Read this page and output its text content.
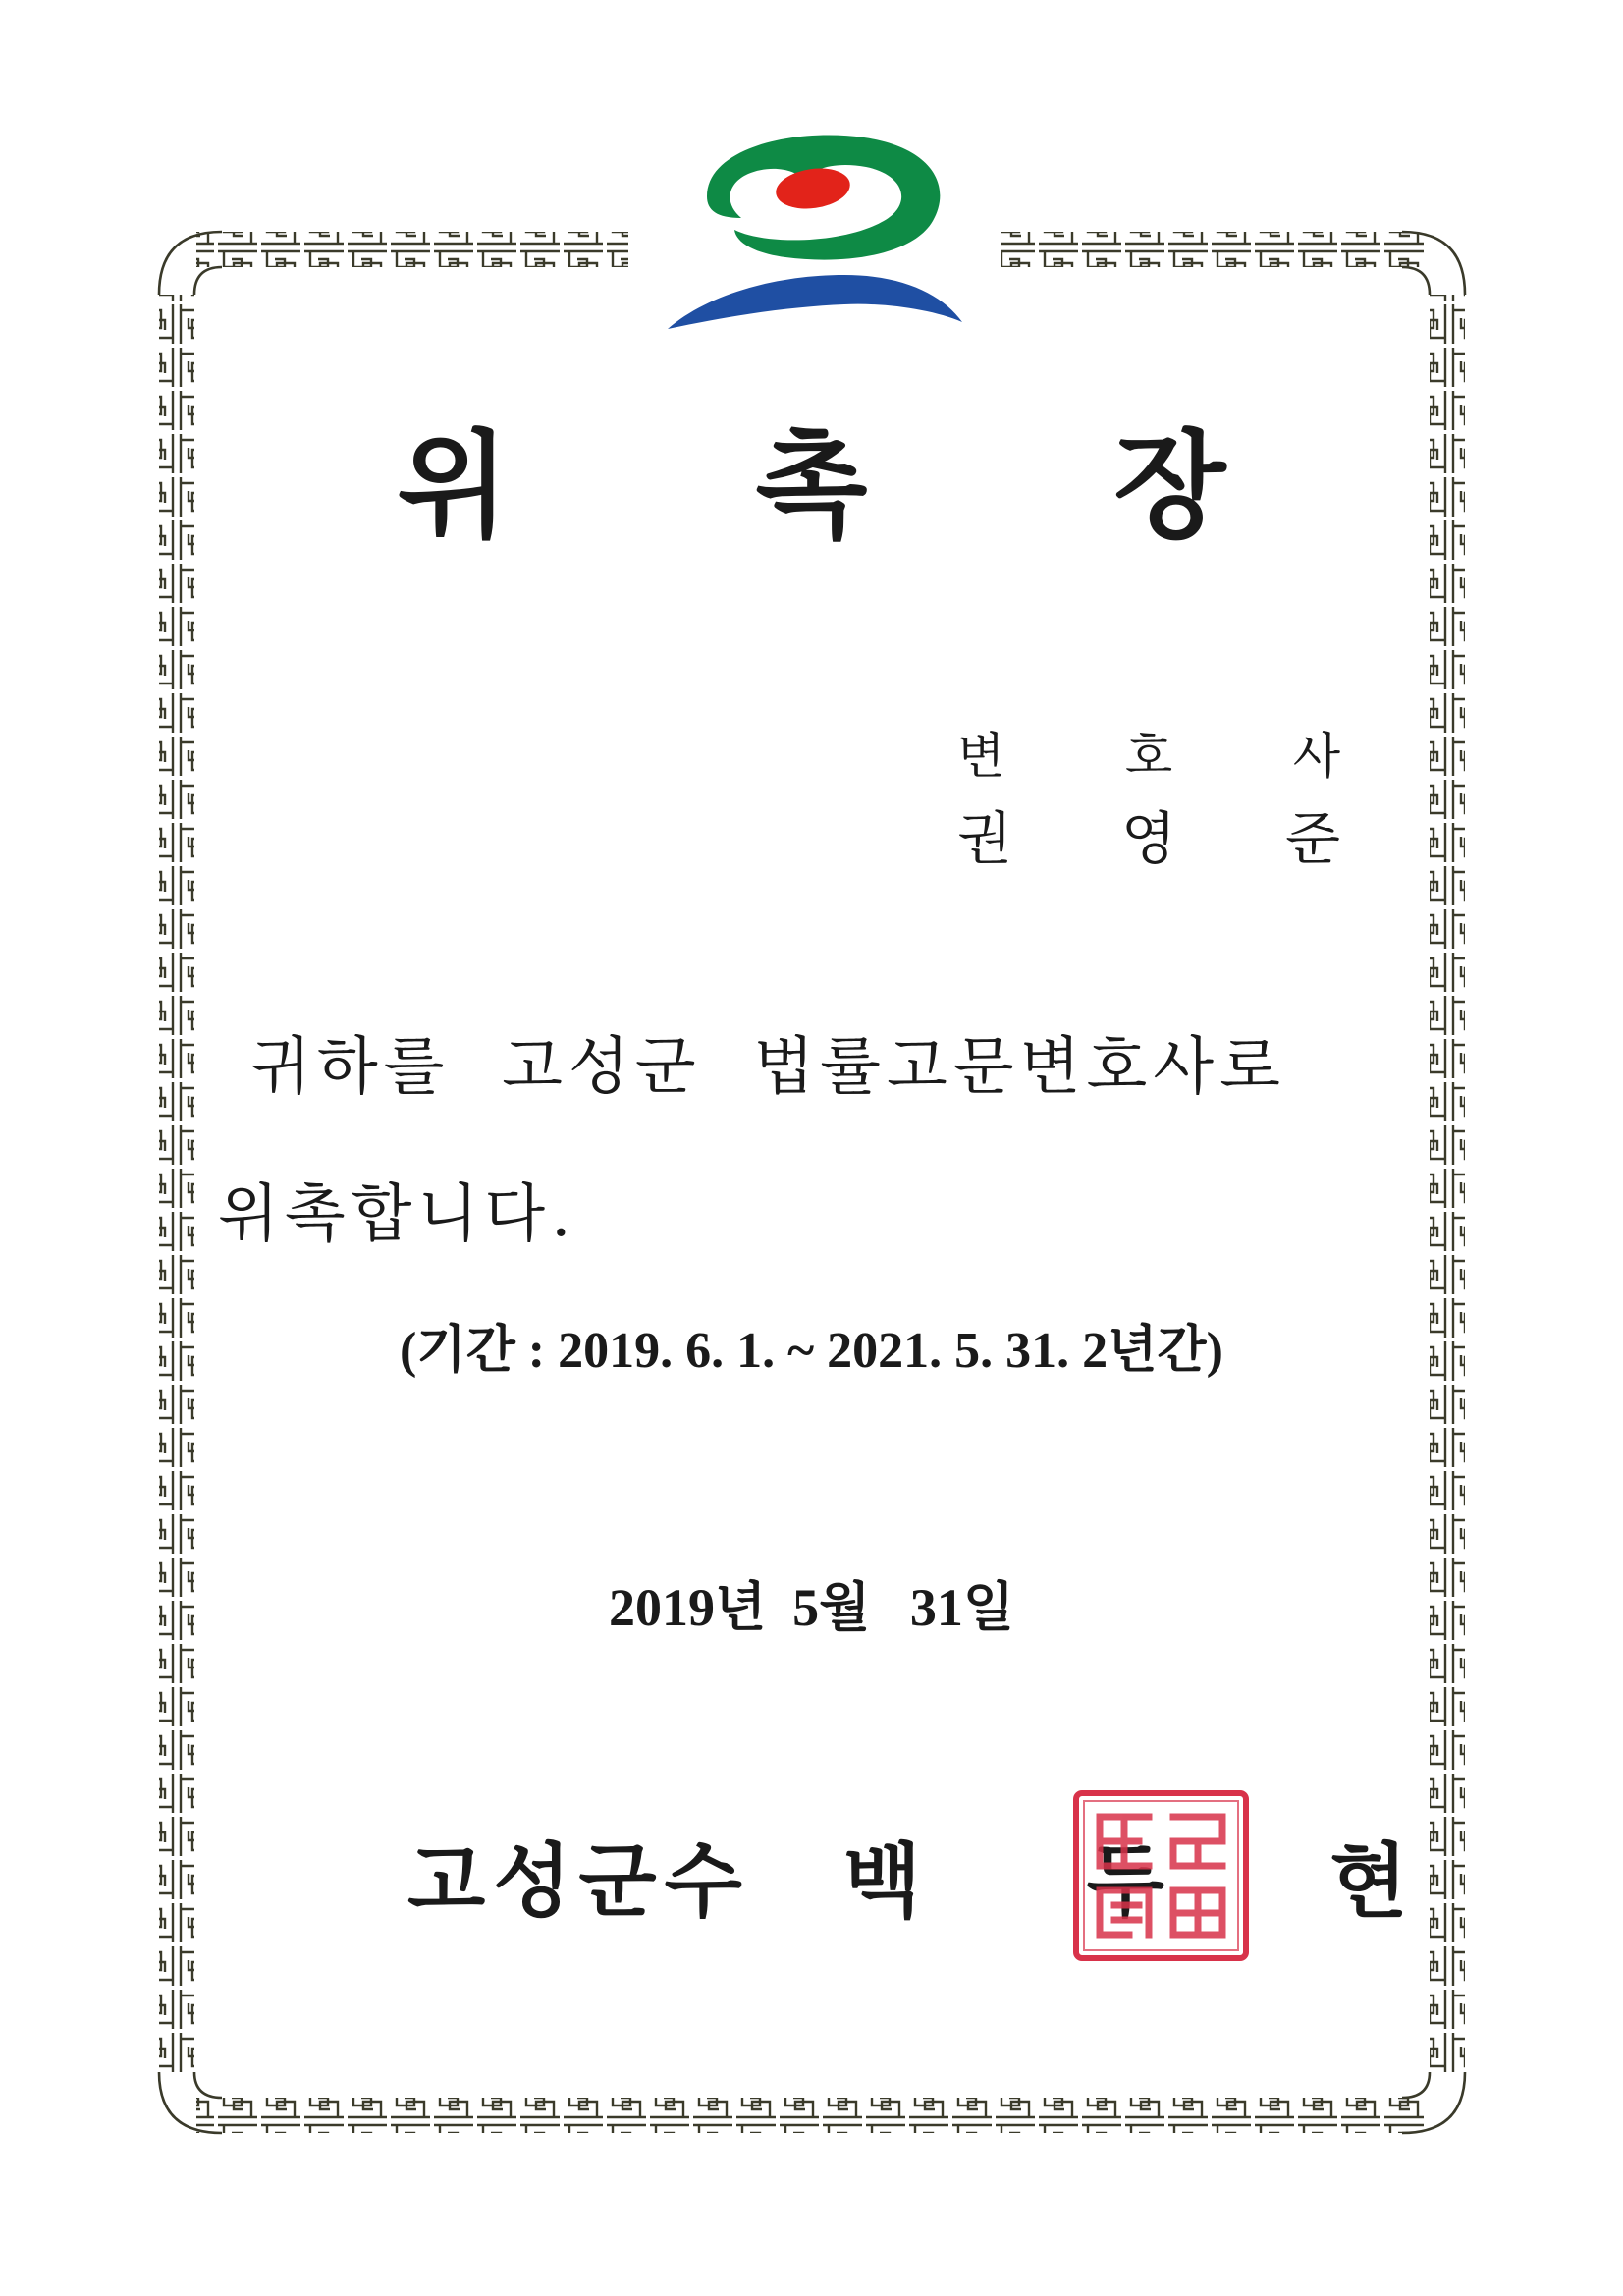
위 촉 장
변 호 사
권 영 준
귀하를  고성군  법률고문변호사로
위촉합니다.
(기간 : 2019. 6. 1. ~ 2021. 5. 31. 2년간)
2019년  5월   31일
고성군수 백 두 현
